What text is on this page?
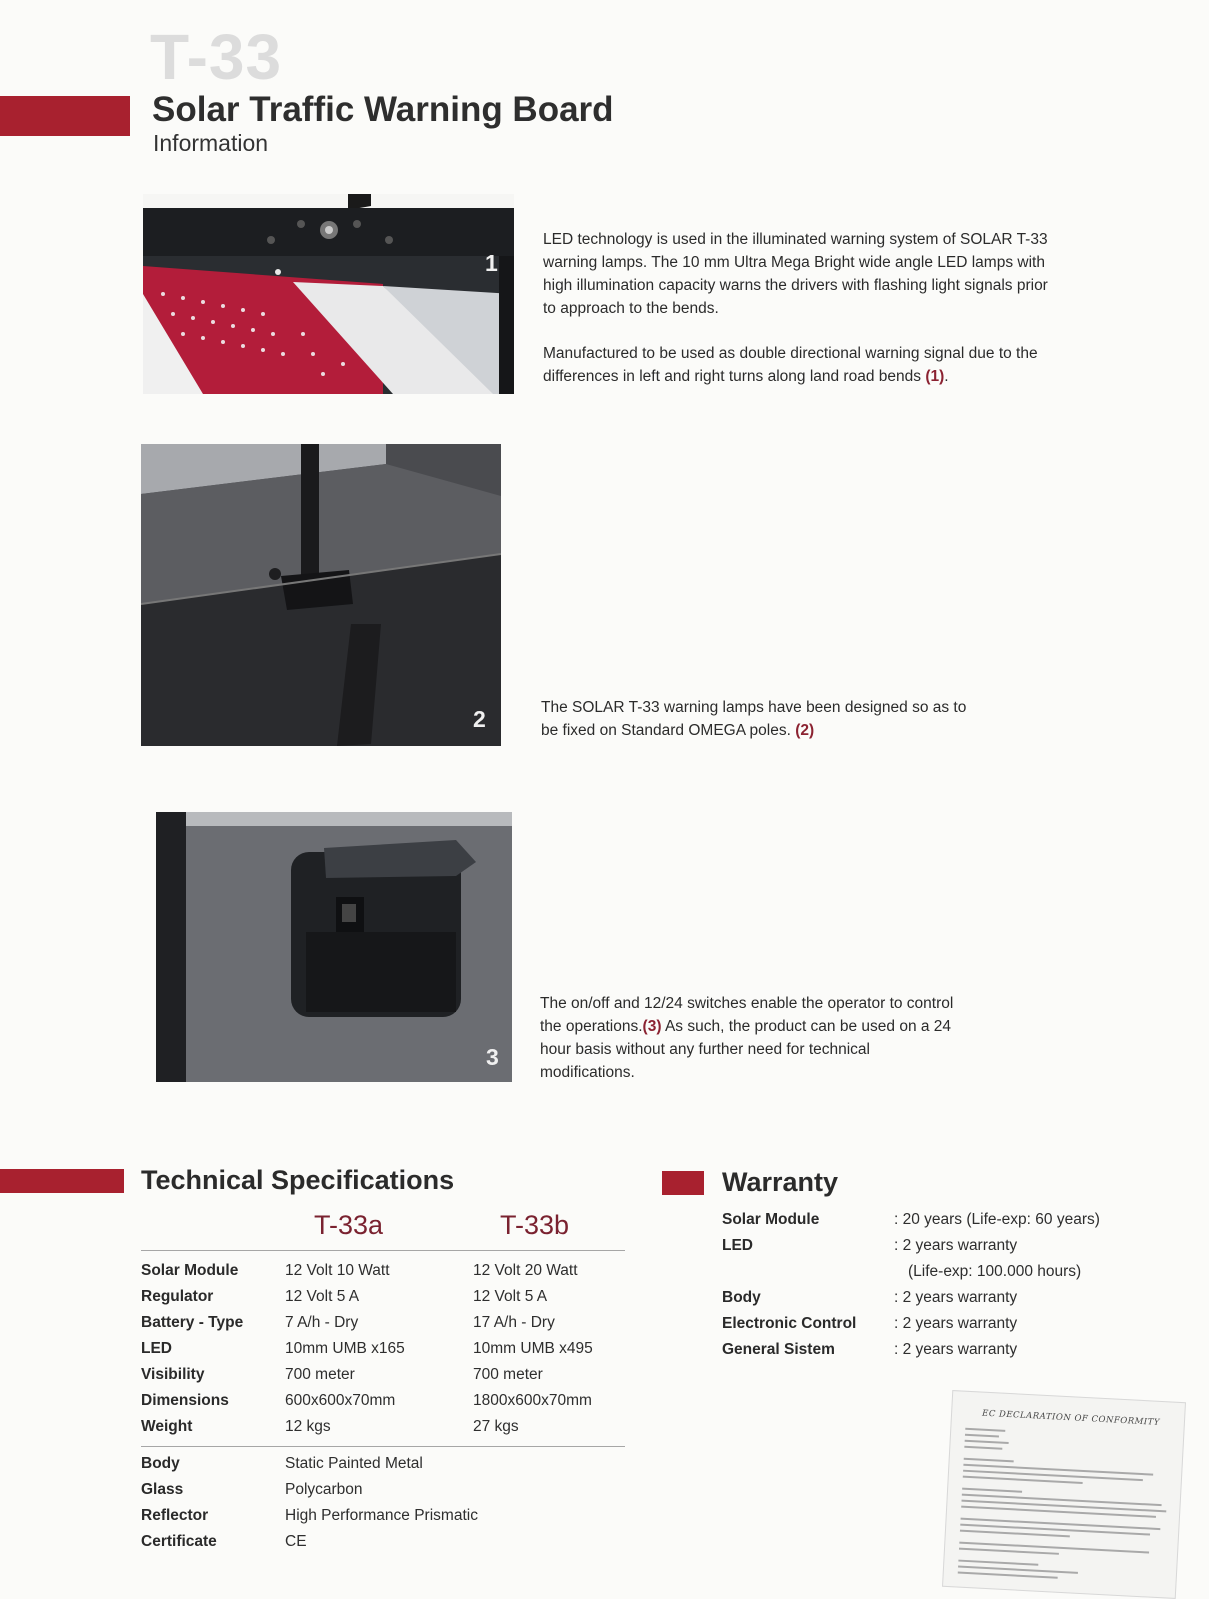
T-33
Solar Traffic Warning Board
Information
1
2
3

LED technology is used in the illuminated warning system of SOLAR T-33 warning lamps. The 10 mm Ultra Mega Bright wide angle LED lamps with high illumination capacity warns the drivers with flashing light signals prior to approach to the bends.

Manufactured to be used as double directional warning signal due to the differences in left and right turns along land road bends (1).

The SOLAR T-33 warning lamps have been designed so as to be fixed on Standard OMEGA poles. (2)

The on/off and 12/24 switches enable the operator to control the operations.(3) As such, the product can be used on a 24 hour basis without any further need for technical modifications.

Technical Specifications
T-33a	T-33b
Solar Module	12 Volt 10 Watt	12 Volt 20 Watt
Regulator	12 Volt 5 A	12 Volt 5 A
Battery - Type	7 A/h - Dry	17 A/h - Dry
LED	10mm UMB x165	10mm UMB x495
Visibility	700 meter	700 meter
Dimensions	600x600x70mm	1800x600x70mm
Weight	12 kgs	27 kgs
Body	Static Painted Metal
Glass	Polycarbon
Reflector	High Performance Prismatic
Certificate	CE
Warranty
Solar Module	: 20 years (Life-exp: 60 years)
LED	: 2 years warranty
(Life-exp: 100.000 hours)
Body	: 2 years warranty
Electronic Control : 2 years warranty
General Sistem	: 2 years warranty
EC DECLARATION OF CONFORMITY
